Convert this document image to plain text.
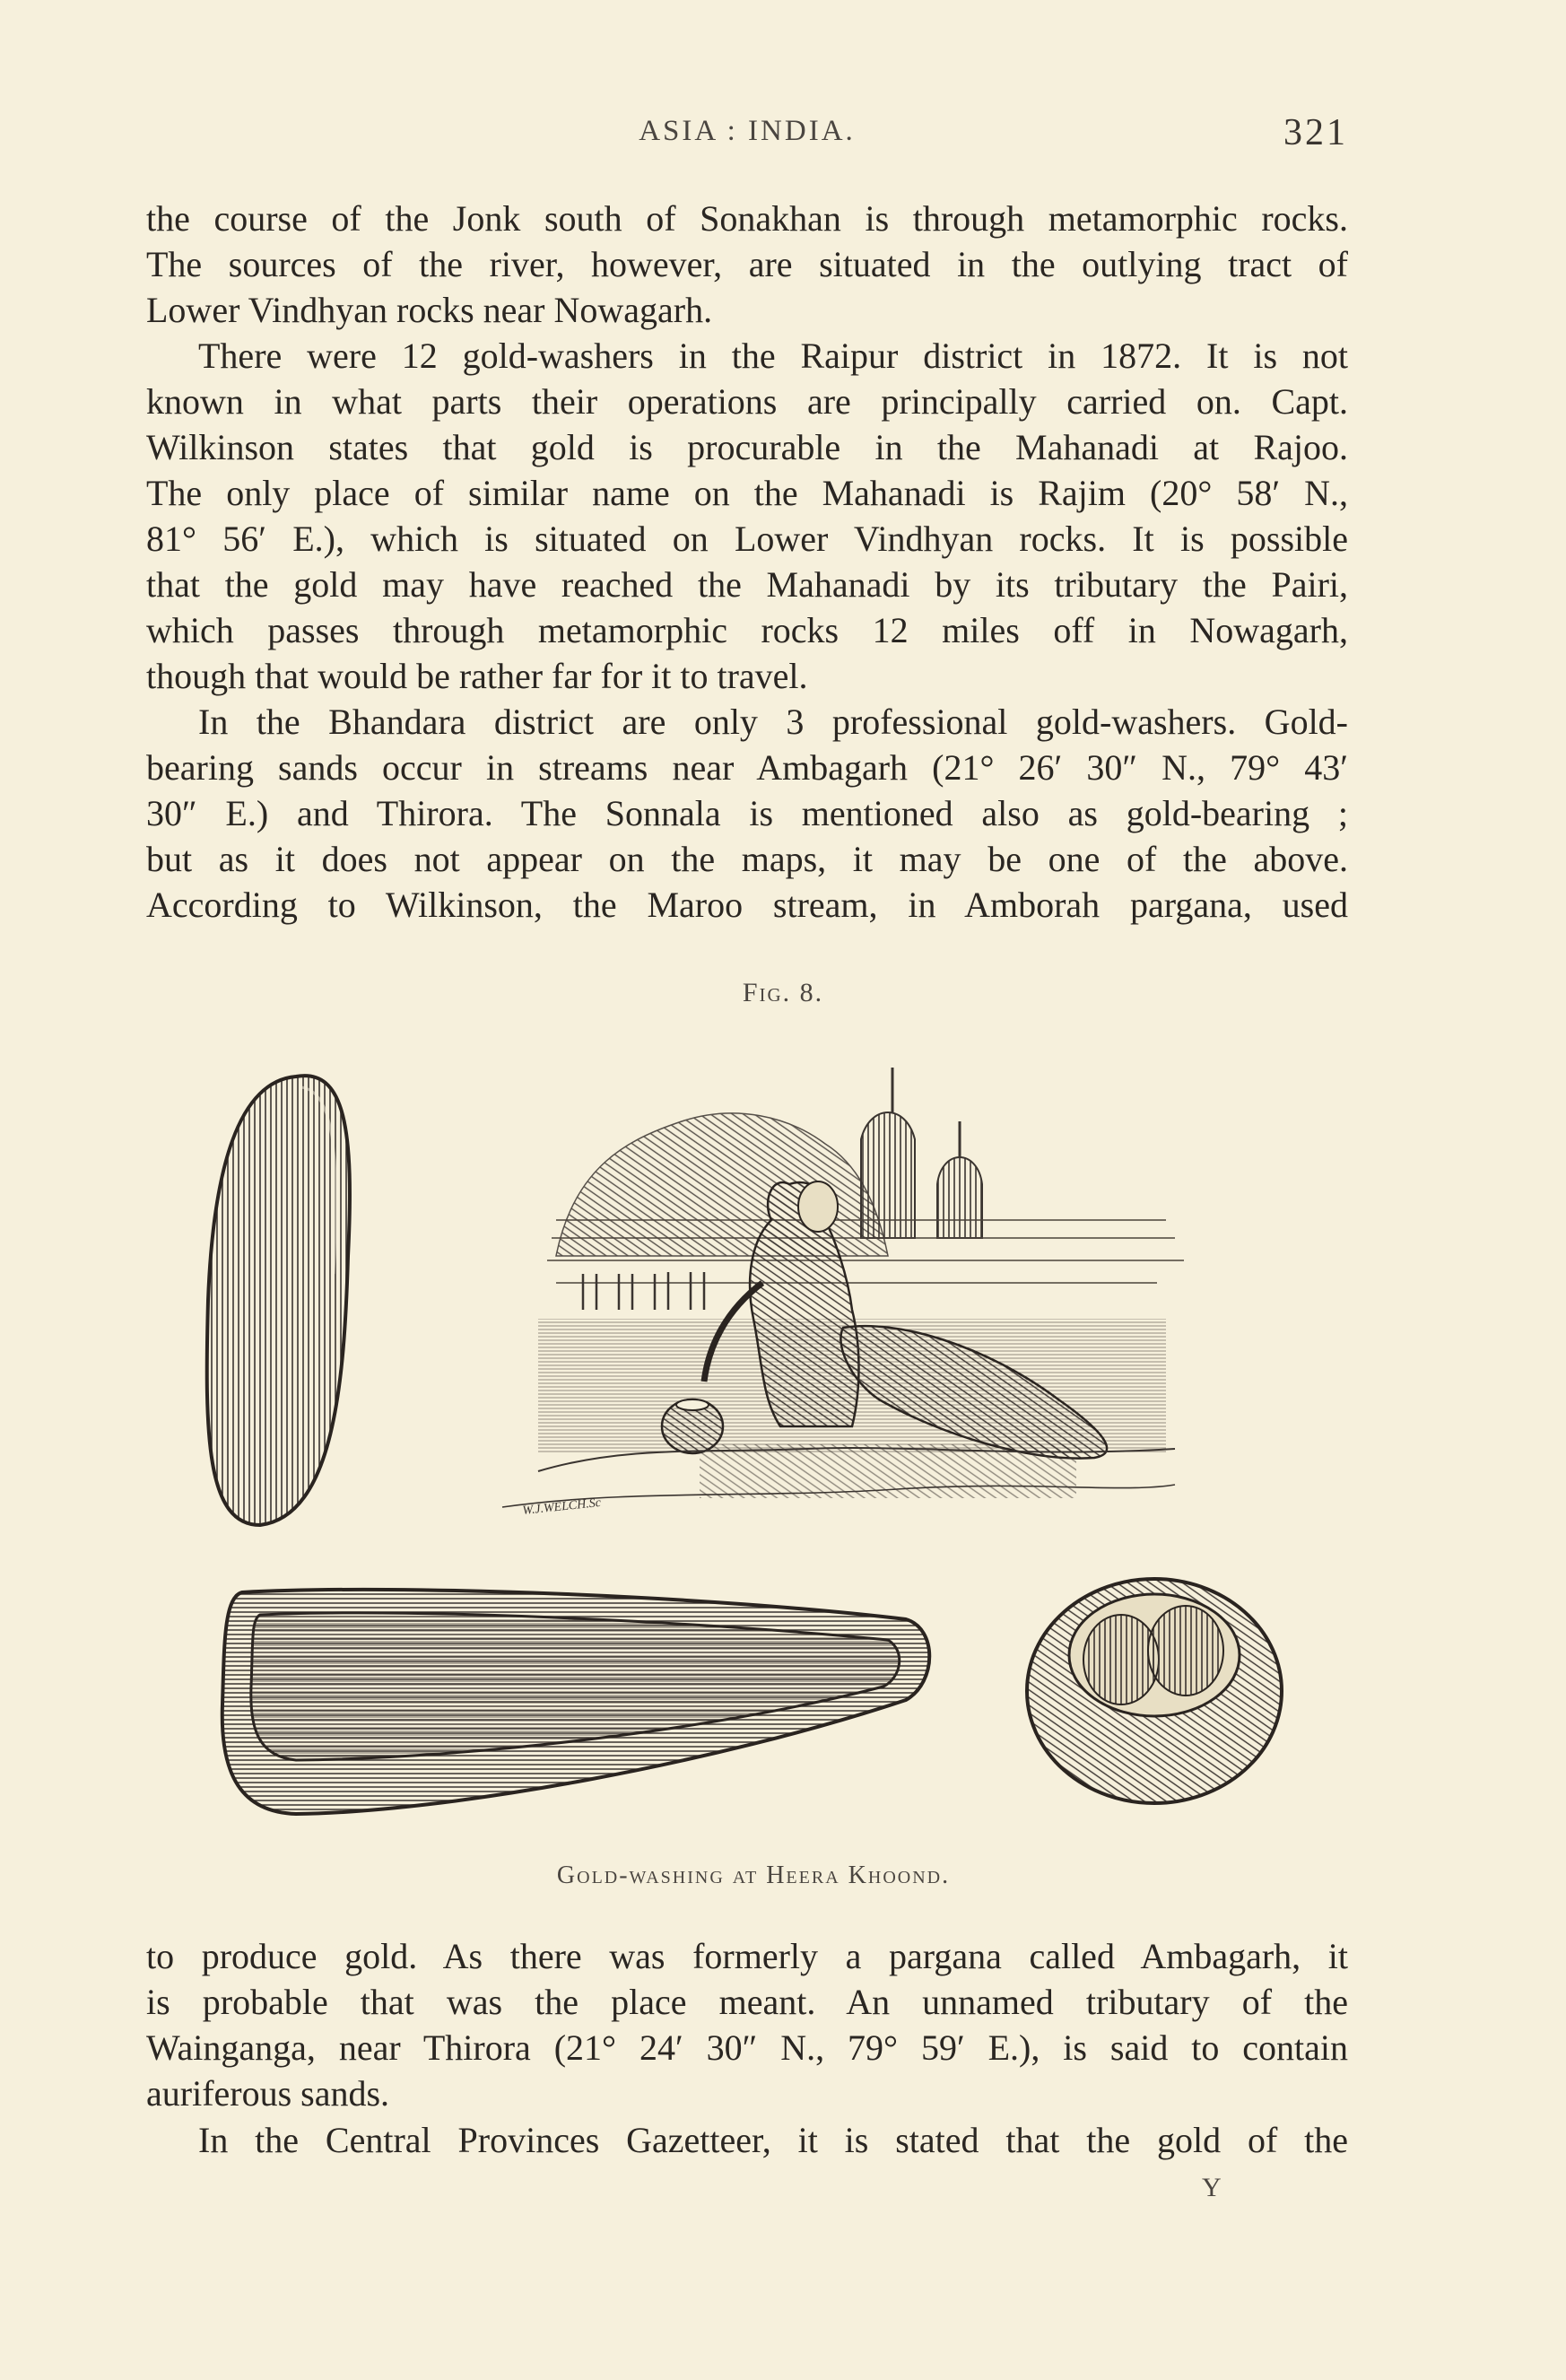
ASIA : INDIA.	321
the course of the Jonk south of Sonakhan is through metamorphic rocks.
The sources of the river, however, are situated in the outlying tract of
Lower Vindhyan rocks near Nowagarh.
There were 12 gold-washers in the Raipur district in 1872. It is not
known in what parts their operations are principally carried on. Capt.
Wilkinson states that gold is procurable in the Mahanadi at Rajoo.
The only place of similar name on the Mahanadi is Rajim (20° 58′ N.,
81° 56′ E.), which is situated on Lower Vindhyan rocks. It is possible
that the gold may have reached the Mahanadi by its tributary the Pairi,
which passes through metamorphic rocks 12 miles off in Nowagarh,
though that would be rather far for it to travel.
In the Bhandara district are only 3 professional gold-washers. Gold-
bearing sands occur in streams near Ambagarh (21° 26′ 30″ N., 79° 43′
30″ E.) and Thirora. The Sonnala is mentioned also as gold-bearing ;
but as it does not appear on the maps, it may be one of the above.
According to Wilkinson, the Maroo stream, in Amborah pargana, used
Fig. 8.
W.J.WELCH.Sc
Gold-washing at Heera Khoond.
to produce gold. As there was formerly a pargana called Ambagarh, it
is probable that was the place meant. An unnamed tributary of the
Wainganga, near Thirora (21° 24′ 30″ N., 79° 59′ E.), is said to contain
auriferous sands.
In the Central Provinces Gazetteer, it is stated that the gold of the
Y
